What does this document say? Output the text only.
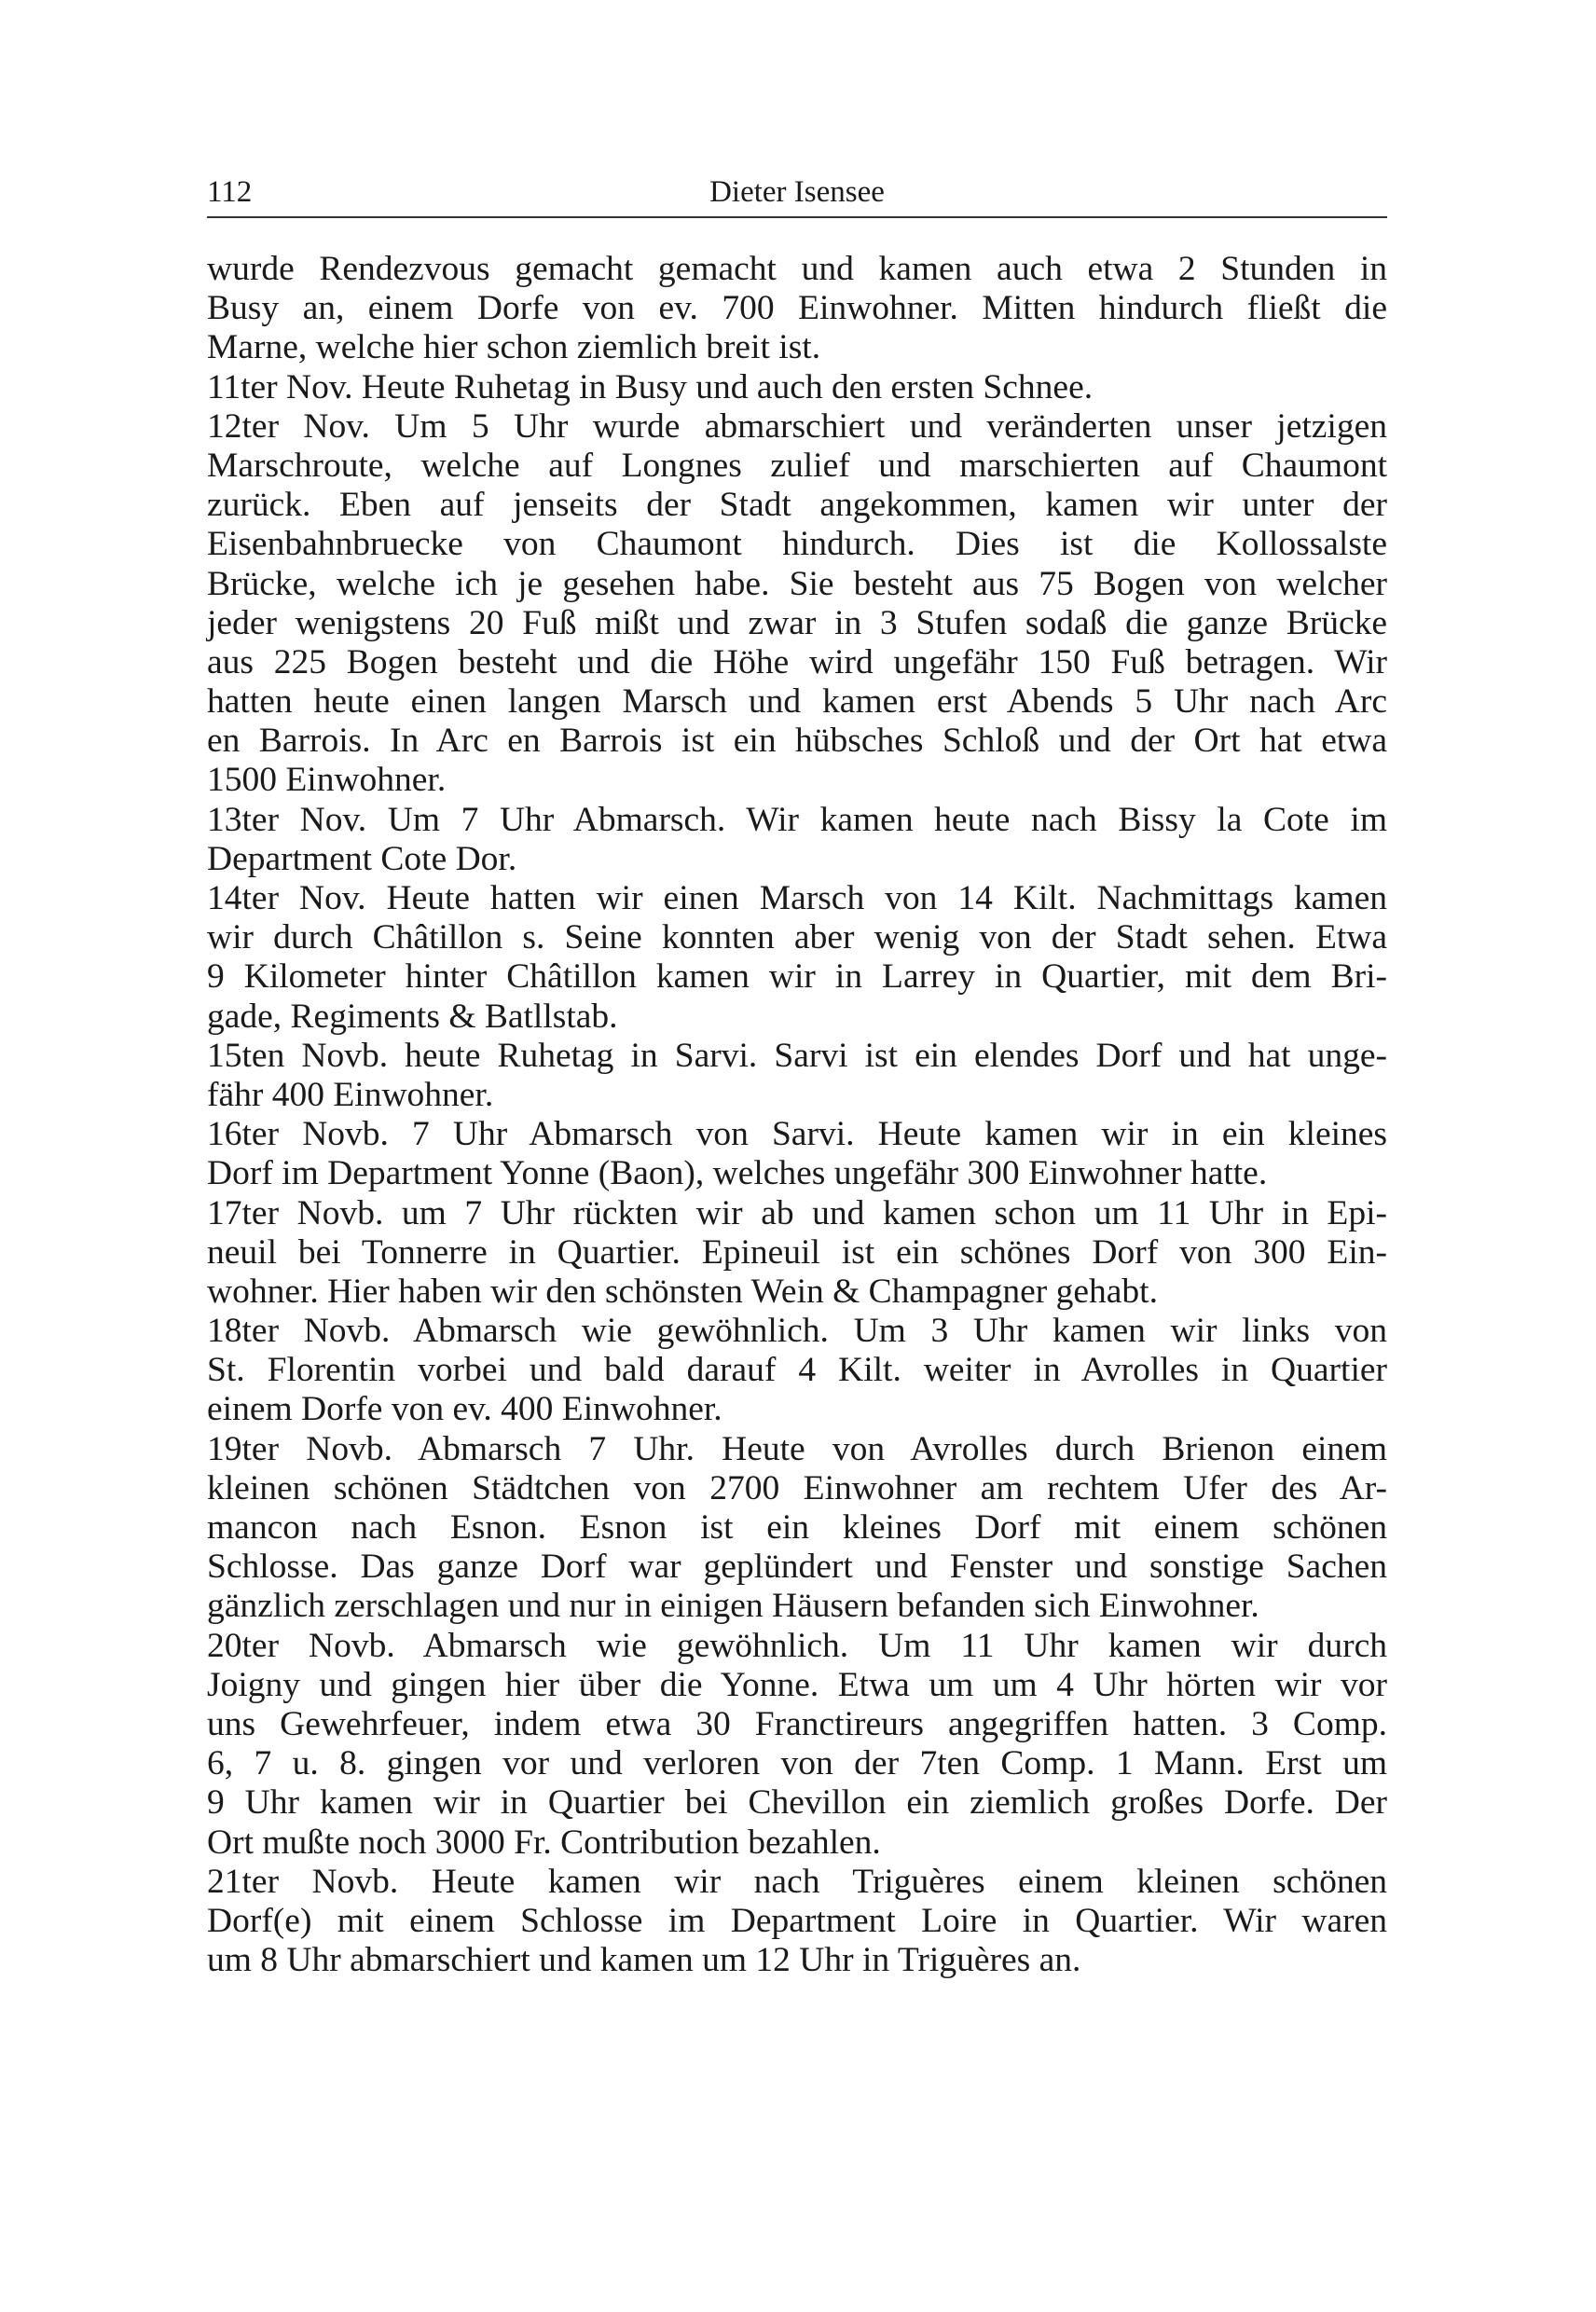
112	Dieter Isensee
wurde Rendezvous gemacht gemacht und kamen auch etwa 2 Stunden in
Busy an, einem Dorfe von ev. 700 Einwohner. Mitten hindurch fließt die
Marne, welche hier schon ziemlich breit ist.
11ter Nov. Heute Ruhetag in Busy und auch den ersten Schnee.
12ter Nov. Um 5 Uhr wurde abmarschiert und veränderten unser jetzigen
Marschroute, welche auf Longnes zulief und marschierten auf Chaumont
zurück. Eben auf jenseits der Stadt angekommen, kamen wir unter der
Eisenbahnbruecke von Chaumont hindurch. Dies ist die Kollossalste
Brücke, welche ich je gesehen habe. Sie besteht aus 75 Bogen von welcher
jeder wenigstens 20 Fuß mißt und zwar in 3 Stufen sodaß die ganze Brücke
aus 225 Bogen besteht und die Höhe wird ungefähr 150 Fuß betragen. Wir
hatten heute einen langen Marsch und kamen erst Abends 5 Uhr nach Arc
en Barrois. In Arc en Barrois ist ein hübsches Schloß und der Ort hat etwa
1500 Einwohner.
13ter Nov. Um 7 Uhr Abmarsch. Wir kamen heute nach Bissy la Cote im
Department Cote Dor.
14ter Nov. Heute hatten wir einen Marsch von 14 Kilt. Nachmittags kamen
wir durch Châtillon s. Seine konnten aber wenig von der Stadt sehen. Etwa
9 Kilometer hinter Châtillon kamen wir in Larrey in Quartier, mit dem Bri-
gade, Regiments & Batllstab.
15ten Novb. heute Ruhetag in Sarvi. Sarvi ist ein elendes Dorf und hat unge-
fähr 400 Einwohner.
16ter Novb. 7 Uhr Abmarsch von Sarvi. Heute kamen wir in ein kleines
Dorf im Department Yonne (Baon), welches ungefähr 300 Einwohner hatte.
17ter Novb. um 7 Uhr rückten wir ab und kamen schon um 11 Uhr in Epi-
neuil bei Tonnerre in Quartier. Epineuil ist ein schönes Dorf von 300 Ein-
wohner. Hier haben wir den schönsten Wein & Champagner gehabt.
18ter Novb. Abmarsch wie gewöhnlich. Um 3 Uhr kamen wir links von
St. Florentin vorbei und bald darauf 4 Kilt. weiter in Avrolles in Quartier
einem Dorfe von ev. 400 Einwohner.
19ter Novb. Abmarsch 7 Uhr. Heute von Avrolles durch Brienon einem
kleinen schönen Städtchen von 2700 Einwohner am rechtem Ufer des Ar-
mancon nach Esnon. Esnon ist ein kleines Dorf mit einem schönen
Schlosse. Das ganze Dorf war geplündert und Fenster und sonstige Sachen
gänzlich zerschlagen und nur in einigen Häusern befanden sich Einwohner.
20ter Novb. Abmarsch wie gewöhnlich. Um 11 Uhr kamen wir durch
Joigny und gingen hier über die Yonne. Etwa um um 4 Uhr hörten wir vor
uns Gewehrfeuer, indem etwa 30 Franctireurs angegriffen hatten. 3 Comp.
6, 7 u. 8. gingen vor und verloren von der 7ten Comp. 1 Mann. Erst um
9 Uhr kamen wir in Quartier bei Chevillon ein ziemlich großes Dorfe. Der
Ort mußte noch 3000 Fr. Contribution bezahlen.
21ter Novb. Heute kamen wir nach Triguères einem kleinen schönen
Dorf(e) mit einem Schlosse im Department Loire in Quartier. Wir waren
um 8 Uhr abmarschiert und kamen um 12 Uhr in Triguères an.
